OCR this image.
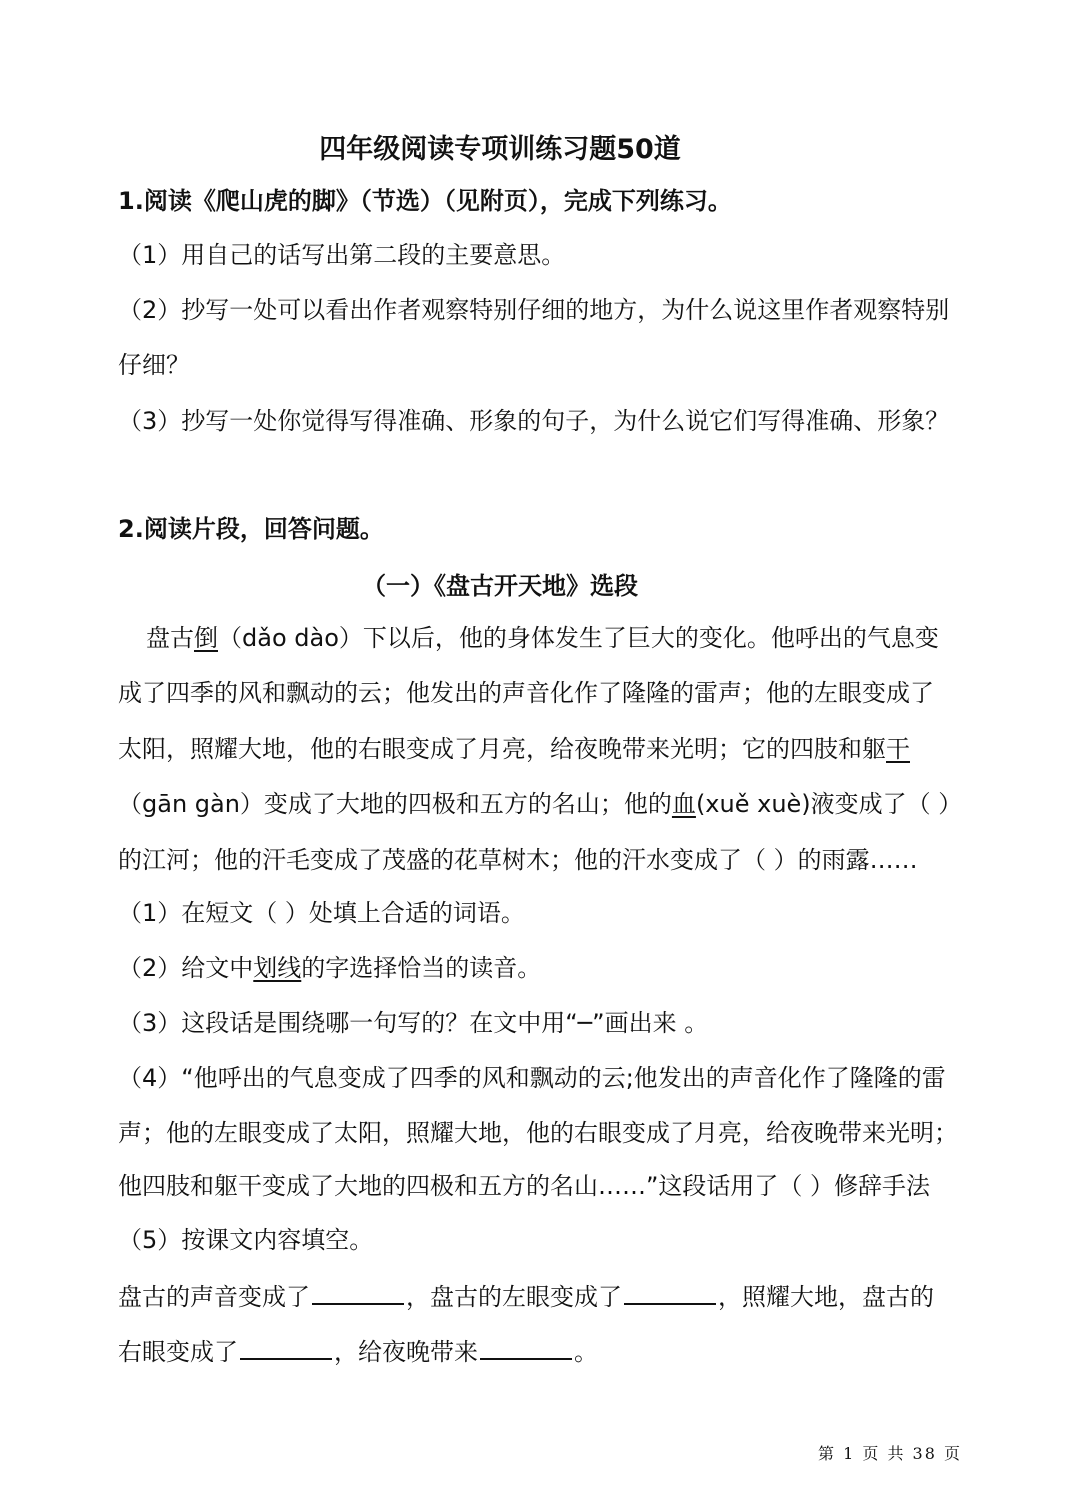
四年级阅读专项训练习题50道
1.阅读《爬山虎的脚》（节选）（见附页），完成下列练习。
（1）用自己的话写出第二段的主要意思。
（2）抄写一处可以看出作者观察特别仔细的地方，为什么说这里作者观察特别
仔细？
（3）抄写一处你觉得写得准确、形象的句子，为什么说它们写得准确、形象？
2.阅读片段，回答问题。
（一）《盘古开天地》选段
盘古倒（dǎo dào）下以后，他的身体发生了巨大的变化。他呼出的气息变
成了四季的风和飘动的云；他发出的声音化作了隆隆的雷声；他的左眼变成了
太阳，照耀大地，他的右眼变成了月亮，给夜晚带来光明；它的四肢和躯干
（gān gàn）变成了大地的四极和五方的名山；他的血(xuě xuè)液变成了（ ）
的江河；他的汗毛变成了茂盛的花草树木；他的汗水变成了（ ）的雨露……
（1）在短文（ ）处填上合适的词语。
（2）给文中划线的字选择恰当的读音。
（3）这段话是围绕哪一句写的？在文中用“─”画出来 。
（4）“他呼出的气息变成了四季的风和飘动的云;他发出的声音化作了隆隆的雷
声；他的左眼变成了太阳，照耀大地，他的右眼变成了月亮，给夜晚带来光明；
他四肢和躯干变成了大地的四极和五方的名山……”这段话用了（ ）修辞手法
（5）按课文内容填空。
盘古的声音变成了	，盘古的左眼变成了	，照耀大地，盘古的
右眼变成了	，给夜晚带来	。
第 1 页 共 38 页
